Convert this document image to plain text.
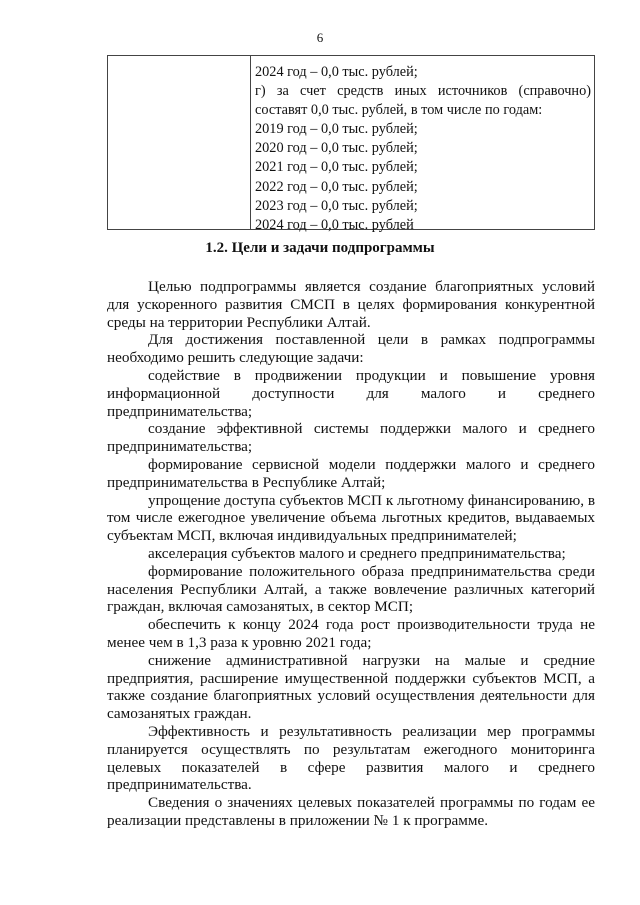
6
2024 год – 0,0 тыс. рублей;
г) за счет средств иных источников (справочно)
составят 0,0 тыс. рублей, в том числе по годам:
2019 год – 0,0 тыс. рублей;
2020 год – 0,0 тыс. рублей;
2021 год – 0,0 тыс. рублей;
2022 год – 0,0 тыс. рублей;
2023 год – 0,0 тыс. рублей;
2024 год – 0,0 тыс. рублей
1.2. Цели и задачи подпрограммы

Целью подпрограммы является создание благоприятных условий для ускоренного развития СМСП в целях формирования конкурентной среды на территории Республики Алтай.

Для достижения поставленной цели в рамках подпрограммы необходимо решить следующие задачи:

содействие в продвижении продукции и повышение уровня информационной доступности для малого и среднего предпринимательства;

создание эффективной системы поддержки малого и среднего предпринимательства;

формирование сервисной модели поддержки малого и среднего предпринимательства в Республике Алтай;

упрощение доступа субъектов МСП к льготному финансированию, в том числе ежегодное увеличение объема льготных кредитов, выдаваемых субъектам МСП, включая индивидуальных предпринимателей;

акселерация субъектов малого и среднего предпринимательства;

формирование положительного образа предпринимательства среди населения Республики Алтай, а также вовлечение различных категорий граждан, включая самозанятых, в сектор МСП;

обеспечить к концу 2024 года рост производительности труда не менее чем в 1,3 раза к уровню 2021 года;

снижение административной нагрузки на малые и средние предприятия, расширение имущественной поддержки субъектов МСП, а также создание благоприятных условий осуществления деятельности для самозанятых граждан.

Эффективность и результативность реализации мер программы планируется осуществлять по результатам ежегодного мониторинга целевых показателей в сфере развития малого и среднего предпринимательства.

Сведения о значениях целевых показателей программы по годам ее реализации представлены в приложении № 1 к программе.
